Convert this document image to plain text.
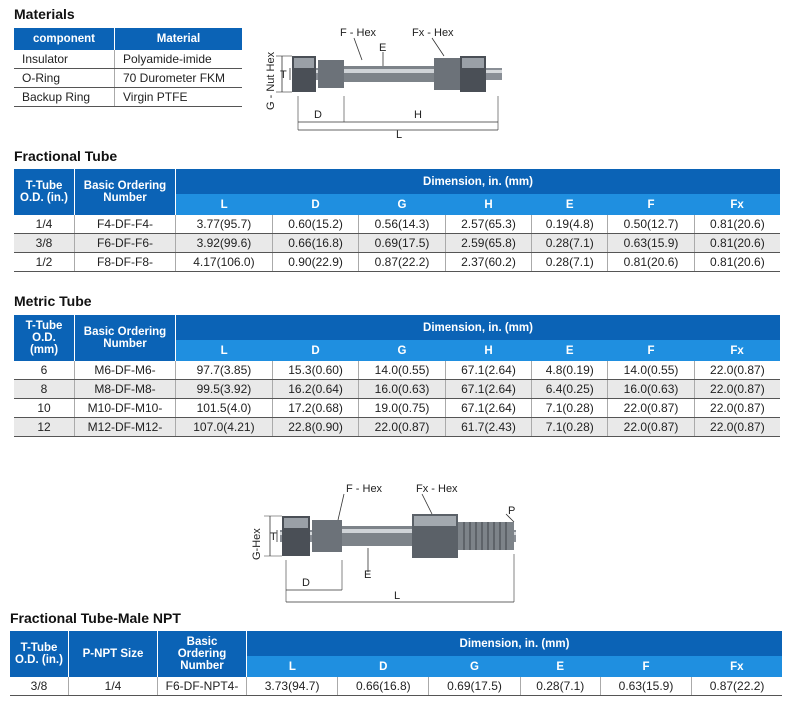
Materials
component	Material
Insulator	Polyamide-imide
O-Ring	70 Durometer FKM
Backup Ring	Virgin PTFE
F - Hex	Fx - Hex
E
G - Nut Hex T
D	H
L
Fractional Tube
T-Tube O.D. (in.)	Basic Ordering Number	Dimension, in. (mm)						
		L	D	G	H	E	F	Fx
1/4	F4-DF-F4-	3.77(95.7)	0.60(15.2)	0.56(14.3)	2.57(65.3)	0.19(4.8)	0.50(12.7)	0.81(20.6)
3/8	F6-DF-F6-	3.92(99.6)	0.66(16.8)	0.69(17.5)	2.59(65.8)	0.28(7.1)	0.63(15.9)	0.81(20.6)
1/2	F8-DF-F8-	4.17(106.0)	0.90(22.9)	0.87(22.2)	2.37(60.2)	0.28(7.1)	0.81(20.6)	0.81(20.6)
Metric Tube
T-Tube O.D. (mm)	Basic Ordering Number	Dimension, in. (mm)						
		L	D	G	H	E	F	Fx
6	M6-DF-M6-	97.7(3.85)	15.3(0.60)	14.0(0.55)	67.1(2.64)	4.8(0.19)	14.0(0.55)	22.0(0.87)
8	M8-DF-M8-	99.5(3.92)	16.2(0.64)	16.0(0.63)	67.1(2.64)	6.4(0.25)	16.0(0.63)	22.0(0.87)
10	M10-DF-M10-	101.5(4.0)	17.2(0.68)	19.0(0.75)	67.1(2.64)	7.1(0.28)	22.0(0.87)	22.0(0.87)
12	M12-DF-M12-	107.0(4.21)	22.8(0.90)	22.0(0.87)	61.7(2.43)	7.1(0.28)	22.0(0.87)	22.0(0.87)
F - Hex	Fx - Hex
P
G-Hex T
D
E
L
Fractional Tube-Male NPT
T-Tube O.D. (in.)	P-NPT Size	Basic Ordering Number	Dimension, in. (mm)					
			L	D	G	E	F	Fx
3/8	1/4	F6-DF-NPT4-	3.73(94.7)	0.66(16.8)	0.69(17.5)	0.28(7.1)	0.63(15.9)	0.87(22.2)
